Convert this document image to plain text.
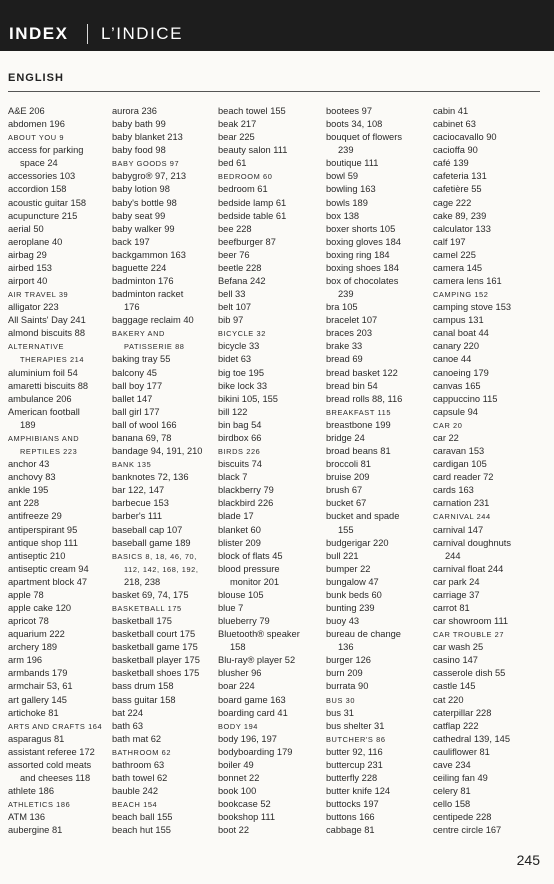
INDEX L’INDICE
ENGLISH
A&E 206
abdomen 196
ABOUT YOU 9
access for parking
space 24
accessories 103
accordion 158
acoustic guitar 158
acupuncture 215
aerial 50
aeroplane 40
airbag 29
airbed 153
airport 40
AIR TRAVEL 39
alligator 223
All Saints' Day 241
almond biscuits 88
ALTERNATIVE
THERAPIES 214
aluminium foil 54
amaretti biscuits 88
ambulance 206
American football
189
AMPHIBIANS AND
REPTILES 223
anchor 43
anchovy 83
ankle 195
ant 228
antifreeze 29
antiperspirant 95
antique shop 111
antiseptic 210
antiseptic cream 94
apartment block 47
apple 78
apple cake 120
apricot 78
aquarium 222
archery 189
arm 196
armbands 179
armchair 53, 61
art gallery 145
artichoke 81
ARTS AND CRAFTS 164
asparagus 81
assistant referee 172
assorted cold meats
and cheeses 118
athlete 186
ATHLETICS 186
ATM 136
aubergine 81
aurora 236
baby bath 99
baby blanket 213
baby food 98
BABY GOODS 97
babygro® 97, 213
baby lotion 98
baby's bottle 98
baby seat 99
baby walker 99
back 197
backgammon 163
baguette 224
badminton 176
badminton racket
176
baggage reclaim 40
BAKERY AND
PATISSERIE 88
baking tray 55
balcony 45
ball boy 177
ballet 147
ball girl 177
ball of wool 166
banana 69, 78
bandage 94, 191, 210
BANK 135
banknotes 72, 136
bar 122, 147
barbecue 153
barber's 111
baseball cap 107
baseball game 189
BASICS 8, 18, 46, 70,
112, 142, 168, 192,
218, 238
basket 69, 74, 175
BASKETBALL 175
basketball 175
basketball court 175
basketball game 175
basketball player 175
basketball shoes 175
bass drum 158
bass guitar 158
bat 224
bath 63
bath mat 62
BATHROOM 62
bathroom 63
bath towel 62
bauble 242
BEACH 154
beach ball 155
beach hut 155
beach towel 155
beak 217
bear 225
beauty salon 111
bed 61
BEDROOM 60
bedroom 61
bedside lamp 61
bedside table 61
bee 228
beefburger 87
beer 76
beetle 228
Befana 242
bell 33
belt 107
bib 97
BICYCLE 32
bicycle 33
bidet 63
big toe 195
bike lock 33
bikini 105, 155
bill 122
bin bag 54
birdbox 66
BIRDS 226
biscuits 74
black 7
blackberry 79
blackbird 226
blade 17
blanket 60
blister 209
block of flats 45
blood pressure
monitor 201
blouse 105
blue 7
blueberry 79
Bluetooth® speaker
158
Blu-ray® player 52
blusher 96
boar 224
board game 163
boarding card 41
BODY 194
body 196, 197
bodyboarding 179
boiler 49
bonnet 22
book 100
bookcase 52
bookshop 111
boot 22
bootees 97
boots 34, 108
bouquet of flowers
239
boutique 111
bowl 59
bowling 163
bowls 189
box 138
boxer shorts 105
boxing gloves 184
boxing ring 184
boxing shoes 184
box of chocolates
239
bra 105
bracelet 107
braces 203
brake 33
bread 69
bread basket 122
bread bin 54
bread rolls 88, 116
BREAKFAST 115
breastbone 199
bridge 24
broad beans 81
broccoli 81
bruise 209
brush 67
bucket 67
bucket and spade
155
budgerigar 220
bull 221
bumper 22
bungalow 47
bunk beds 60
bunting 239
buoy 43
bureau de change
136
burger 126
burn 209
burrata 90
BUS 30
bus 31
bus shelter 31
BUTCHER'S 86
butter 92, 116
buttercup 231
butterfly 228
butter knife 124
buttocks 197
buttons 166
cabbage 81
cabin 41
cabinet 63
caciocavallo 90
cacioffa 90
café 139
cafeteria 131
cafetière 55
cage 222
cake 89, 239
calculator 133
calf 197
camel 225
camera 145
camera lens 161
CAMPING 152
camping stove 153
campus 131
canal boat 44
canary 220
canoe 44
canoeing 179
canvas 165
cappuccino 115
capsule 94
CAR 20
car 22
caravan 153
cardigan 105
card reader 72
cards 163
carnation 231
CARNIVAL 244
carnival 147
carnival doughnuts
244
carnival float 244
car park 24
carriage 37
carrot 81
car showroom 111
CAR TROUBLE 27
car wash 25
casino 147
casserole dish 55
castle 145
cat 220
caterpillar 228
catflap 222
cathedral 139, 145
cauliflower 81
cave 234
ceiling fan 49
celery 81
cello 158
centipede 228
centre circle 167
245
